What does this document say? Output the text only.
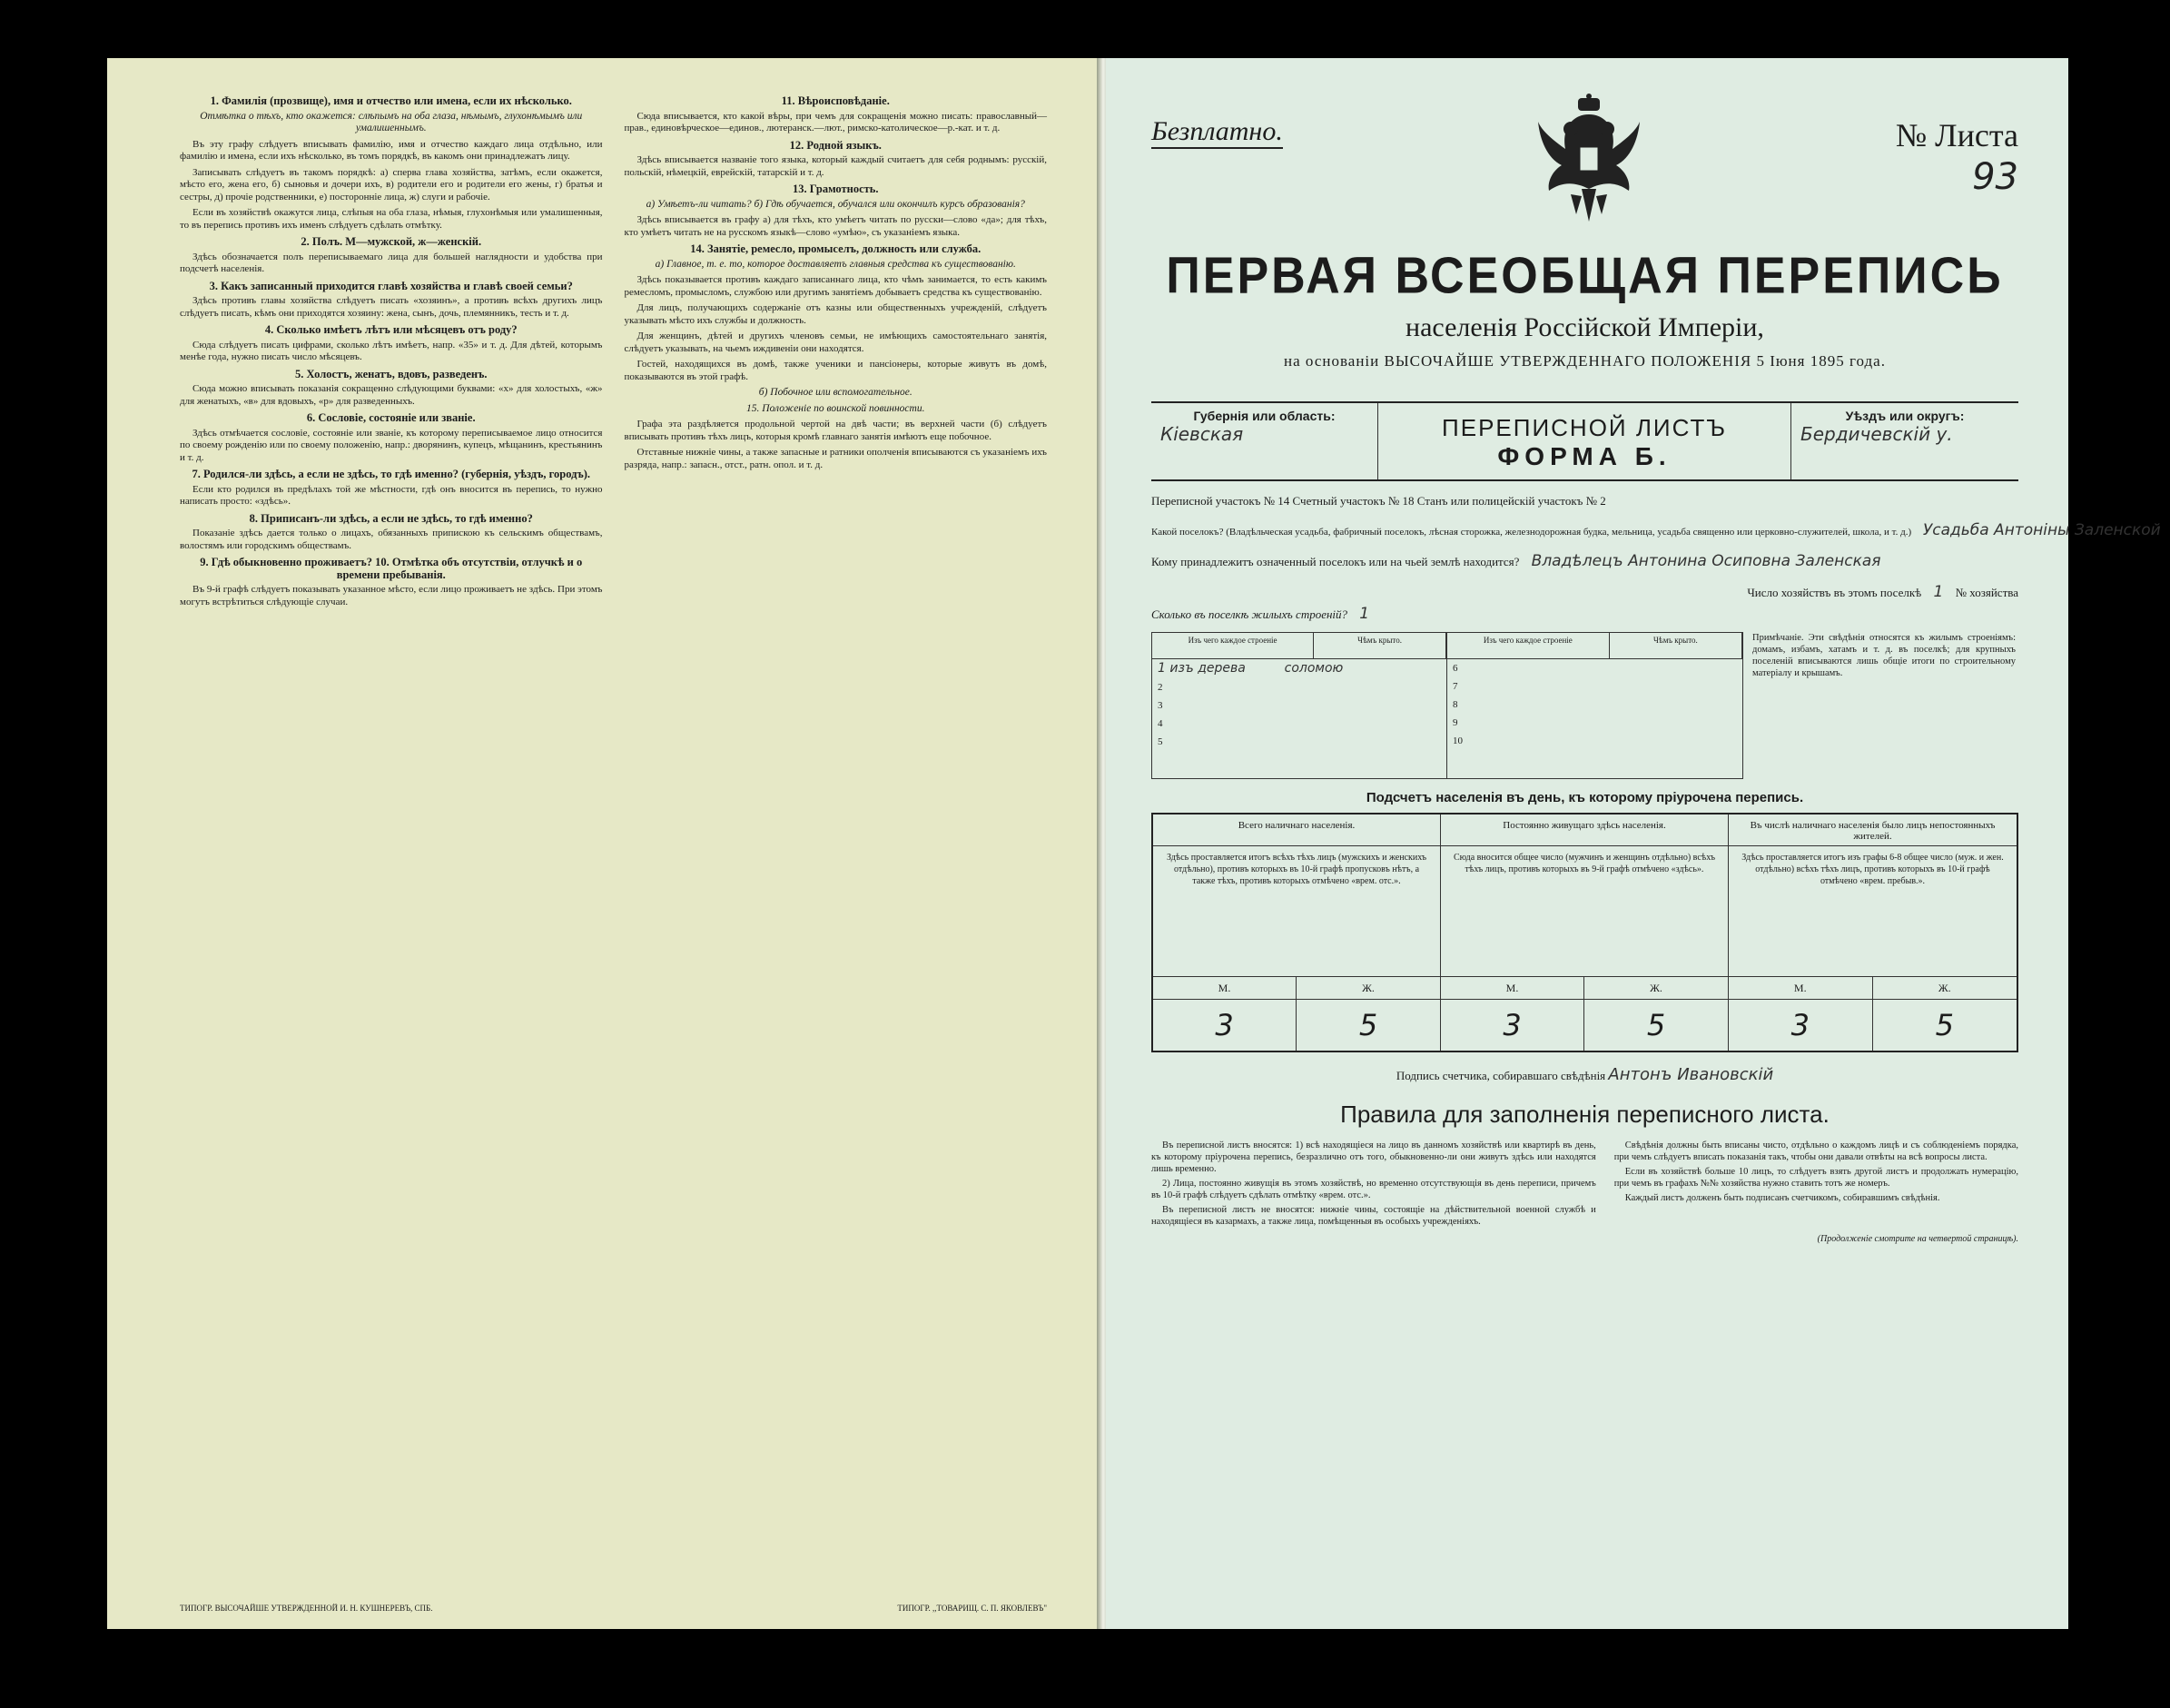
1. Фамилія (прозвище), имя и отчество или имена, если их нѣсколько.
Отмѣтка о тѣхъ, кто окажется: слѣпымъ на оба глаза, нѣмымъ, глухонѣмымъ или умалишеннымъ.

Въ эту графу слѣдуетъ вписывать фамилію, имя и отчество каждаго лица отдѣльно, или фамилію и имена, если ихъ нѣсколько, въ томъ порядкѣ, въ какомъ они принадлежатъ лицу.

Записывать слѣдуетъ въ такомъ порядкѣ: а) сперва глава хозяйства, затѣмъ, если окажется, мѣсто его, жена его, б) сыновья и дочери ихъ, в) родители его и родители его жены, г) братья и сестры, д) прочіе родственники, е) посторонніе лица, ж) слуги и рабочіе.

Если въ хозяйствѣ окажутся лица, слѣпыя на оба глаза, нѣмыя, глухонѣмыя или умалишенныя, то въ перепись противъ ихъ именъ слѣдуетъ сдѣлать отмѣтку.

2. Полъ. М—мужской, ж—женскій.

Здѣсь обозначается полъ переписываемаго лица для большей наглядности и удобства при подсчетѣ населенія.

3. Какъ записанный приходится главѣ хозяйства и главѣ своей семьи?

Здѣсь противъ главы хозяйства слѣдуетъ писать «хозяинъ», а противъ всѣхъ другихъ лицъ слѣдуетъ писать, кѣмъ они приходятся хозяину: жена, сынъ, дочь, племянникъ, тесть и т. д.

4. Сколько имѣетъ лѣтъ или мѣсяцевъ отъ роду?

Сюда слѣдуетъ писать цифрами, сколько лѣтъ имѣетъ, напр. «35» и т. д. Для дѣтей, которымъ менѣе года, нужно писать число мѣсяцевъ.

5. Холостъ, женатъ, вдовъ, разведенъ.

Сюда можно вписывать показанія сокращенно слѣдующими буквами: «х» для холостыхъ, «ж» для женатыхъ, «в» для вдовыхъ, «р» для разведенныхъ.

6. Сословіе, состояніе или званіе.

Здѣсь отмѣчается сословіе, состояніе или званіе, къ которому переписываемое лицо относится по своему рожденію или по своему положенію, напр.: дворянинъ, купецъ, мѣщанинъ, крестьянинъ и т. д.

7. Родился-ли здѣсь, а если не здѣсь, то гдѣ именно? (губернія, уѣздъ, городъ).

Если кто родился въ предѣлахъ той же мѣстности, гдѣ онъ вносится въ перепись, то нужно написать просто: «здѣсь».

8. Приписанъ-ли здѣсь, а если не здѣсь, то гдѣ именно?

Показаніе здѣсь дается только о лицахъ, обязанныхъ припискою къ сельскимъ обществамъ, волостямъ или городскимъ обществамъ.

9. Гдѣ обыкновенно проживаетъ? 10. Отмѣтка объ отсутствіи, отлучкѣ и о времени пребыванія.

Въ 9-й графѣ слѣдуетъ показывать указанное мѣсто, если лицо проживаетъ не здѣсь. При этомъ могутъ встрѣтиться слѣдующіе случаи.

11. Вѣроисповѣданіе.

Сюда вписывается, кто какой вѣры, при чемъ для сокращенія можно писать: православный—прав., единовѣрческое—единов., лютеранск.—лют., римско-католическое—р.-кат. и т. д.

12. Родной языкъ.

Здѣсь вписывается названіе того языка, который каждый считаетъ для себя роднымъ: русскій, польскій, нѣмецкій, еврейскій, татарскій и т. д.

13. Грамотность.
а) Умѣетъ-ли читать? б) Гдѣ обучается, обучался или окончилъ курсъ образованія?

Здѣсь вписывается въ графу а) для тѣхъ, кто умѣетъ читать по русски—слово «да»; для тѣхъ, кто умѣетъ читать не на русскомъ языкѣ—слово «умѣю», съ указаніемъ языка.

14. Занятіе, ремесло, промыселъ, должность или служба.
а) Главное, т. е. то, которое доставляетъ главныя средства къ существованію.

Здѣсь показывается противъ каждаго записаннаго лица, кто чѣмъ занимается, то есть какимъ ремесломъ, промысломъ, службою или другимъ занятіемъ добываетъ средства къ существованію.

Для лицъ, получающихъ содержаніе отъ казны или общественныхъ учрежденій, слѣдуетъ указывать мѣсто ихъ службы и должность.

Для женщинъ, дѣтей и другихъ членовъ семьи, не имѣющихъ самостоятельнаго занятія, слѣдуетъ указывать, на чьемъ иждивеніи они находятся.

Гостей, находящихся въ домѣ, также ученики и пансіонеры, которые живутъ въ домѣ, показываются въ этой графѣ.

б) Побочное или вспомогательное.
15. Положеніе по воинской повинности.

Графа эта раздѣляется продольной чертой на двѣ части; въ верхней части (б) слѣдуетъ вписывать противъ тѣхъ лицъ, которыя кромѣ главнаго занятія имѣютъ еще побочное.

Отставные нижніе чины, а также запасные и ратники ополченія вписываются съ указаніемъ ихъ разряда, напр.: запасн., отст., ратн. опол. и т. д.

ТИПОГР. ВЫСОЧАЙШЕ УТВЕРЖДЕННОЙ И. Н. КУШНЕРЕВЪ, СПБ.	ТИПОГР. ,,ТОВАРИЩ. С. П. ЯКОВЛЕВЪ"
Безплатно.	№ Листа
93
ПЕРВАЯ ВСЕОБЩАЯ ПЕРЕПИСЬ
населенія Россійской Имперіи,
на основаніи ВЫСОЧАЙШЕ УТВЕРЖДЕННАГО ПОЛОЖЕНІЯ 5 Іюня 1895 года.
Губернія или область:
Кіевская	ПЕРЕПИСНОЙ ЛИСТЪ
ФОРМА Б.
Уѣздъ или округъ:
Бердичевскій у.
Переписной участокъ № 14 Счетный участокъ № 18 Станъ или полицейскій участокъ № 2
Какой поселокъ? (Владѣльческая усадьба, фабричный поселокъ, лѣсная сторожка, железнодорожная будка, мельница, усадьба священно или церковно-служителей, школа, и т. д.) Усадьба Антонiны Заленской
Кому принадлежитъ означенный поселокъ или на чьей землѣ находится? Владѣлецъ Антонина Осиповна Заленская
Число хозяйствъ въ этомъ поселкѣ 1 № хозяйства
Сколько въ поселкѣ жилыхъ строеній? 1
Изъ чего каждое строеніе	Чѣмъ крыто.
1 изъ дерева	соломою
2
3
4
5
Изъ чего каждое строеніе	Чѣмъ крыто.
6
7
8
9
10
Примѣчаніе. Эти свѣдѣнія относятся къ жилымъ строеніямъ: домамъ, избамъ, хатамъ и т. д. въ поселкѣ; для крупныхъ поселеній вписываются лишь общіе итоги по строительному матеріалу и крышамъ.
Подсчетъ населенія въ день, къ которому пріурочена перепись.
Всего наличнаго населенія.
Здѣсь проставляется итогъ всѣхъ тѣхъ лицъ (мужскихъ и женскихъ отдѣльно), противъ которыхъ въ 10-й графѣ пропусковъ нѣтъ, а также тѣхъ, противъ которыхъ отмѣчено «врем. отс.».
М.	Ж.
3	5
Постоянно живущаго здѣсь населенія.
Сюда вносится общее число (мужчинъ и женщинъ отдѣльно) всѣхъ тѣхъ лицъ, противъ которыхъ въ 9-й графѣ отмѣчено «здѣсь».
М.	Ж.
3	5
Въ числѣ наличнаго населенія было лицъ непостоянныхъ жителей.
Здѣсь проставляется итогъ изъ графы 6-8 общее число (муж. и жен. отдѣльно) всѣхъ тѣхъ лицъ, противъ которыхъ въ 10-й графѣ отмѣчено «врем. пребыв.».
М.	Ж.
3	5
Подпись счетчика, собиравшаго свѣдѣнія Антонъ Ивановскій
Правила для заполненія переписного листа.

Въ переписной листъ вносятся: 1) всѣ находящіеся на лицо въ данномъ хозяйствѣ или квартирѣ въ день, къ которому пріурочена перепись, безразлично отъ того, обыкновенно-ли они живутъ здѣсь или находятся лишь временно.

2) Лица, постоянно живущія въ этомъ хозяйствѣ, но временно отсутствующія въ день переписи, причемъ въ 10-й графѣ слѣдуетъ сдѣлать отмѣтку «врем. отс.».

Въ переписной листъ не вносятся: нижніе чины, состоящіе на дѣйствительной военной службѣ и находящіеся въ казармахъ, а также лица, помѣщенныя въ особыхъ учрежденіяхъ.

Свѣдѣнія должны быть вписаны чисто, отдѣльно о каждомъ лицѣ и съ соблюденіемъ порядка, при чемъ слѣдуетъ вписать показанія такъ, чтобы они давали отвѣты на всѣ вопросы листа.

Если въ хозяйствѣ больше 10 лицъ, то слѣдуетъ взять другой листъ и продолжать нумерацію, при чемъ въ графахъ №№ хозяйства нужно ставить тотъ же номеръ.

Каждый листъ долженъ быть подписанъ счетчикомъ, собиравшимъ свѣдѣнія.

(Продолженіе смотрите на четвертой страницѣ).
